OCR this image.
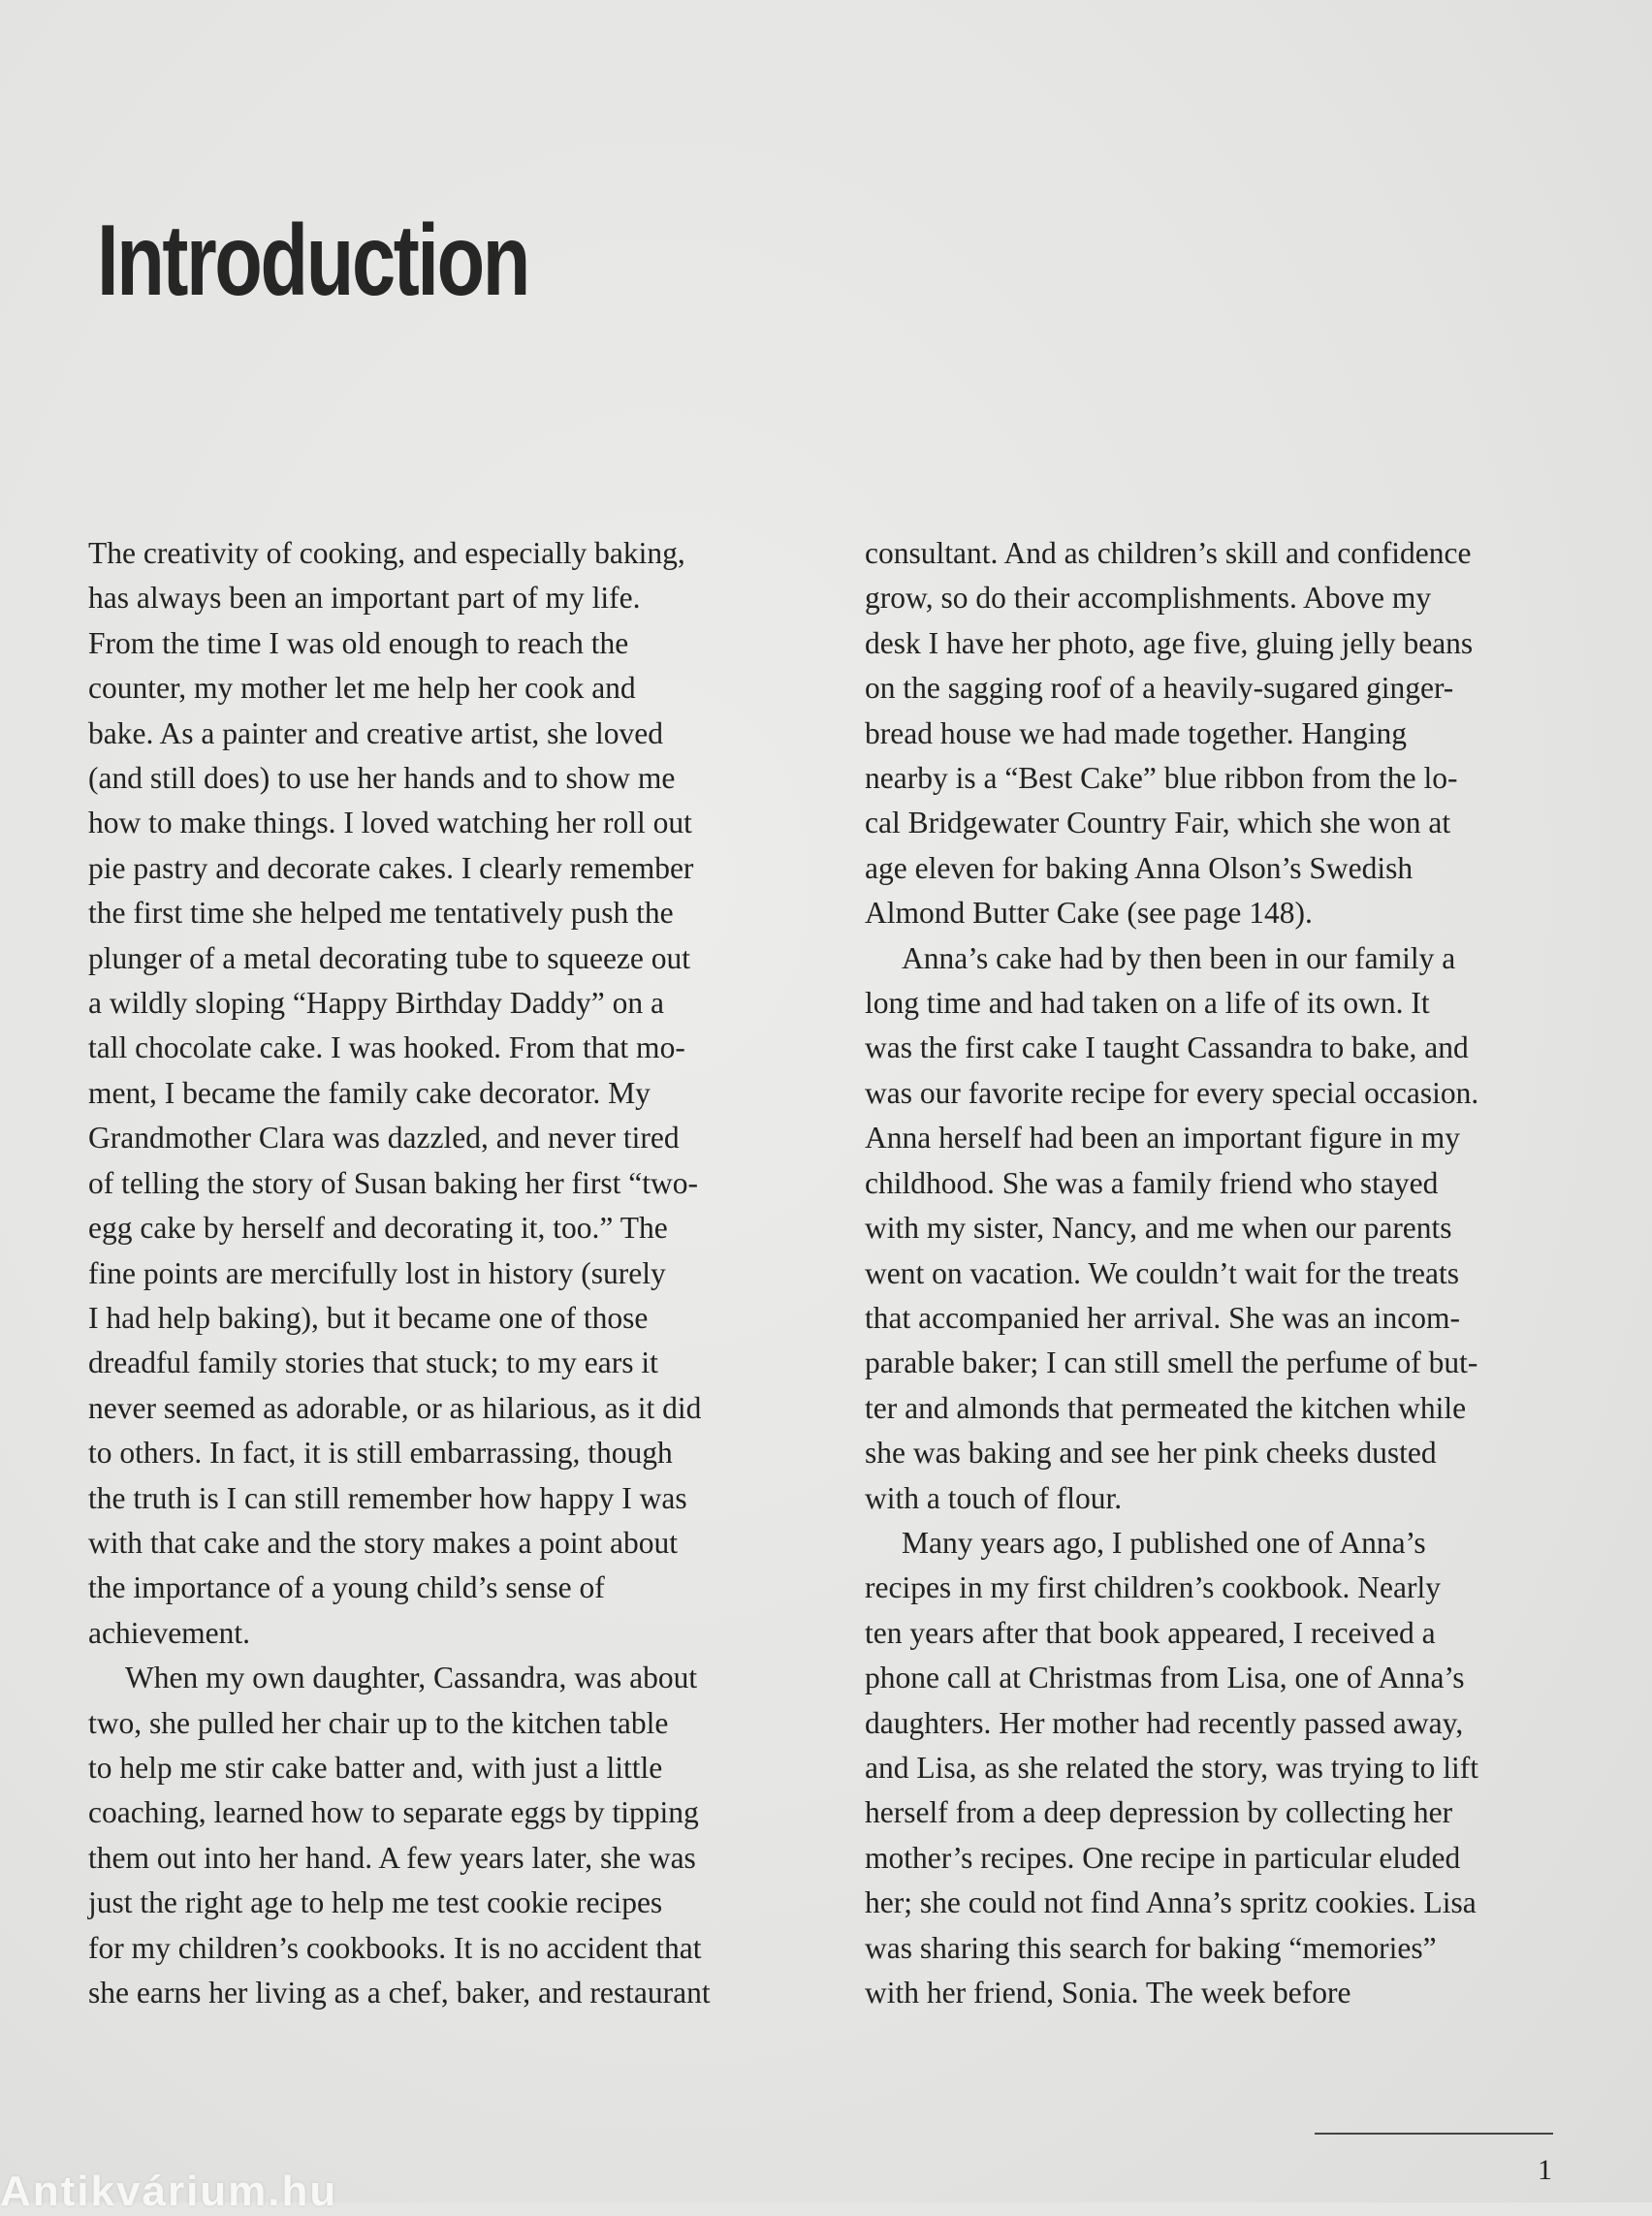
Introduction

The creativity of cooking, and especially baking,
has always been an important part of my life.
From the time I was old enough to reach the
counter, my mother let me help her cook and
bake. As a painter and creative artist, she loved
(and still does) to use her hands and to show me
how to make things. I loved watching her roll out
pie pastry and decorate cakes. I clearly remember
the first time she helped me tentatively push the
plunger of a metal decorating tube to squeeze out
a wildly sloping “Happy Birthday Daddy” on a
tall chocolate cake. I was hooked. From that mo-
ment, I became the family cake decorator. My
Grandmother Clara was dazzled, and never tired
of telling the story of Susan baking her first “two-
egg cake by herself and decorating it, too.” The
fine points are mercifully lost in history (surely
I had help baking), but it became one of those
dreadful family stories that stuck; to my ears it
never seemed as adorable, or as hilarious, as it did
to others. In fact, it is still embarrassing, though
the truth is I can still remember how happy I was
with that cake and the story makes a point about
the importance of a young child’s sense of
achievement.

When my own daughter, Cassandra, was about
two, she pulled her chair up to the kitchen table
to help me stir cake batter and, with just a little
coaching, learned how to separate eggs by tipping
them out into her hand. A few years later, she was
just the right age to help me test cookie recipes
for my children’s cookbooks. It is no accident that
she earns her living as a chef, baker, and restaurant

consultant. And as children’s skill and confidence
grow, so do their accomplishments. Above my
desk I have her photo, age five, gluing jelly beans
on the sagging roof of a heavily-sugared ginger-
bread house we had made together. Hanging
nearby is a “Best Cake” blue ribbon from the lo-
cal Bridgewater Country Fair, which she won at
age eleven for baking Anna Olson’s Swedish
Almond Butter Cake (see page 148).

Anna’s cake had by then been in our family a
long time and had taken on a life of its own. It
was the first cake I taught Cassandra to bake, and
was our favorite recipe for every special occasion.
Anna herself had been an important figure in my
childhood. She was a family friend who stayed
with my sister, Nancy, and me when our parents
went on vacation. We couldn’t wait for the treats
that accompanied her arrival. She was an incom-
parable baker; I can still smell the perfume of but-
ter and almonds that permeated the kitchen while
she was baking and see her pink cheeks dusted
with a touch of flour.

Many years ago, I published one of Anna’s
recipes in my first children’s cookbook. Nearly
ten years after that book appeared, I received a
phone call at Christmas from Lisa, one of Anna’s
daughters. Her mother had recently passed away,
and Lisa, as she related the story, was trying to lift
herself from a deep depression by collecting her
mother’s recipes. One recipe in particular eluded
her; she could not find Anna’s spritz cookies. Lisa
was sharing this search for baking “memories”
with her friend, Sonia. The week before

1
Antikvárium.hu
